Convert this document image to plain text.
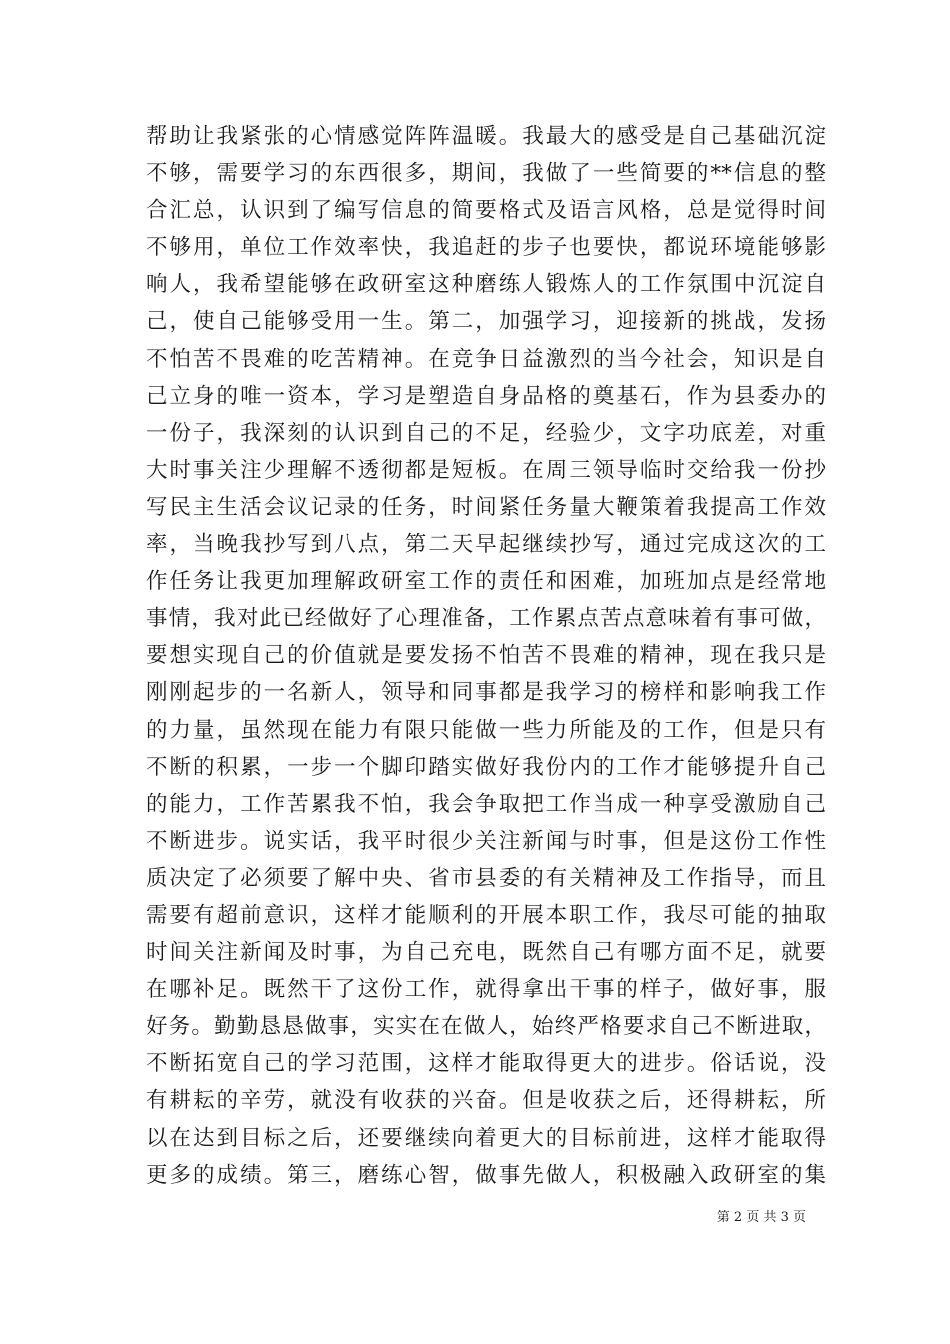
帮助让我紧张的心情感觉阵阵温暖。我最大的感受是自己基础沉淀
不够，需要学习的东西很多，期间，我做了一些简要的**信息的整
合汇总，认识到了编写信息的简要格式及语言风格，总是觉得时间
不够用，单位工作效率快，我追赶的步子也要快，都说环境能够影
响人，我希望能够在政研室这种磨练人锻炼人的工作氛围中沉淀自
己，使自己能够受用一生。第二，加强学习，迎接新的挑战，发扬
不怕苦不畏难的吃苦精神。在竞争日益激烈的当今社会，知识是自
己立身的唯一资本，学习是塑造自身品格的奠基石，作为县委办的
一份子，我深刻的认识到自己的不足，经验少，文字功底差，对重
大时事关注少理解不透彻都是短板。在周三领导临时交给我一份抄
写民主生活会议记录的任务，时间紧任务量大鞭策着我提高工作效
率，当晚我抄写到八点，第二天早起继续抄写，通过完成这次的工
作任务让我更加理解政研室工作的责任和困难，加班加点是经常地
事情，我对此已经做好了心理准备，工作累点苦点意味着有事可做，
要想实现自己的价值就是要发扬不怕苦不畏难的精神，现在我只是
刚刚起步的一名新人，领导和同事都是我学习的榜样和影响我工作
的力量，虽然现在能力有限只能做一些力所能及的工作，但是只有
不断的积累，一步一个脚印踏实做好我份内的工作才能够提升自己
的能力，工作苦累我不怕，我会争取把工作当成一种享受激励自己
不断进步。说实话，我平时很少关注新闻与时事，但是这份工作性
质决定了必须要了解中央、省市县委的有关精神及工作指导，而且
需要有超前意识，这样才能顺利的开展本职工作，我尽可能的抽取
时间关注新闻及时事，为自己充电，既然自己有哪方面不足，就要
在哪补足。既然干了这份工作，就得拿出干事的样子，做好事，服
好务。勤勤恳恳做事，实实在在做人，始终严格要求自己不断进取，
不断拓宽自己的学习范围，这样才能取得更大的进步。俗话说，没
有耕耘的辛劳，就没有收获的兴奋。但是收获之后，还得耕耘，所
以在达到目标之后，还要继续向着更大的目标前进，这样才能取得
更多的成绩。第三，磨练心智，做事先做人，积极融入政研室的集
第 2 页 共 3 页
